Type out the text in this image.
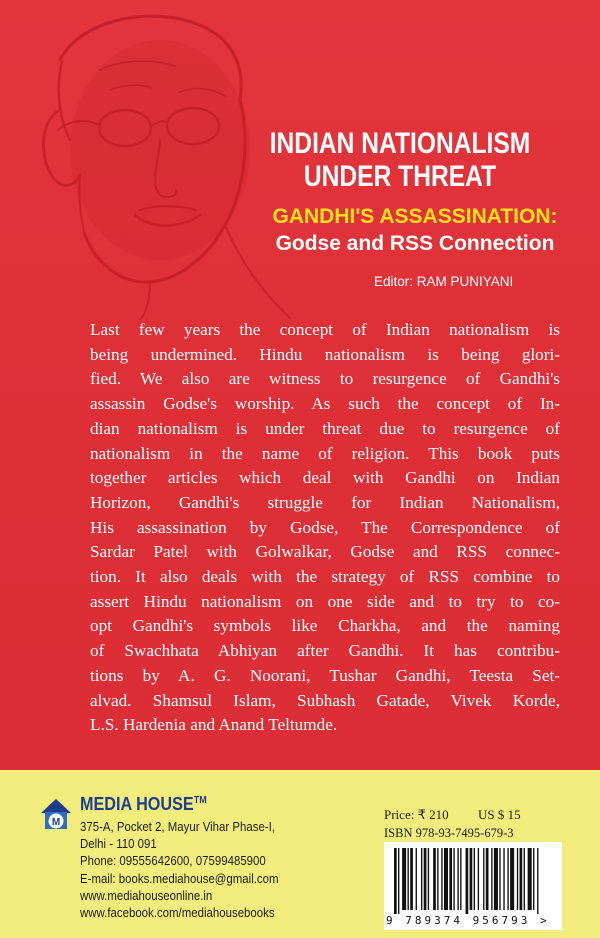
INDIAN NATIONALISM
UNDER THREAT
GANDHI'S ASSASSINATION:
Godse and RSS Connection
Editor: RAM PUNIYANI
Last few years the concept of Indian nationalism is
being undermined. Hindu nationalism is being glori-
fied. We also are witness to resurgence of Gandhi's
assassin Godse's worship. As such the concept of In-
dian nationalism is under threat due to resurgence of
nationalism in the name of religion. This book puts
together articles which deal with Gandhi on Indian
Horizon, Gandhi's struggle for Indian Nationalism,
His assassination by Godse, The Correspondence of
Sardar Patel with Golwalkar, Godse and RSS connec-
tion. It also deals with the strategy of RSS combine to
assert Hindu nationalism on one side and to try to co-
opt Gandhi's symbols like Charkha, and the naming
of Swachhata Abhiyan after Gandhi. It has contribu-
tions by A. G. Noorani, Tushar Gandhi, Teesta Set-
alvad. Shamsul Islam, Subhash Gatade, Vivek Korde,
L.S. Hardenia and Anand Teltumde.
M
MEDIA HOUSE™
375-A, Pocket 2, Mayur Vihar Phase-I,
Delhi - 110 091
Phone: 09555642600, 07599485900
E-mail: books.mediahouse@gmail.com
www.mediahouseonline.in
www.facebook.com/mediahousebooks
Price: ₹ 210 US $ 15
ISBN 978-93-7495-679-3
9 789374 956793 >
